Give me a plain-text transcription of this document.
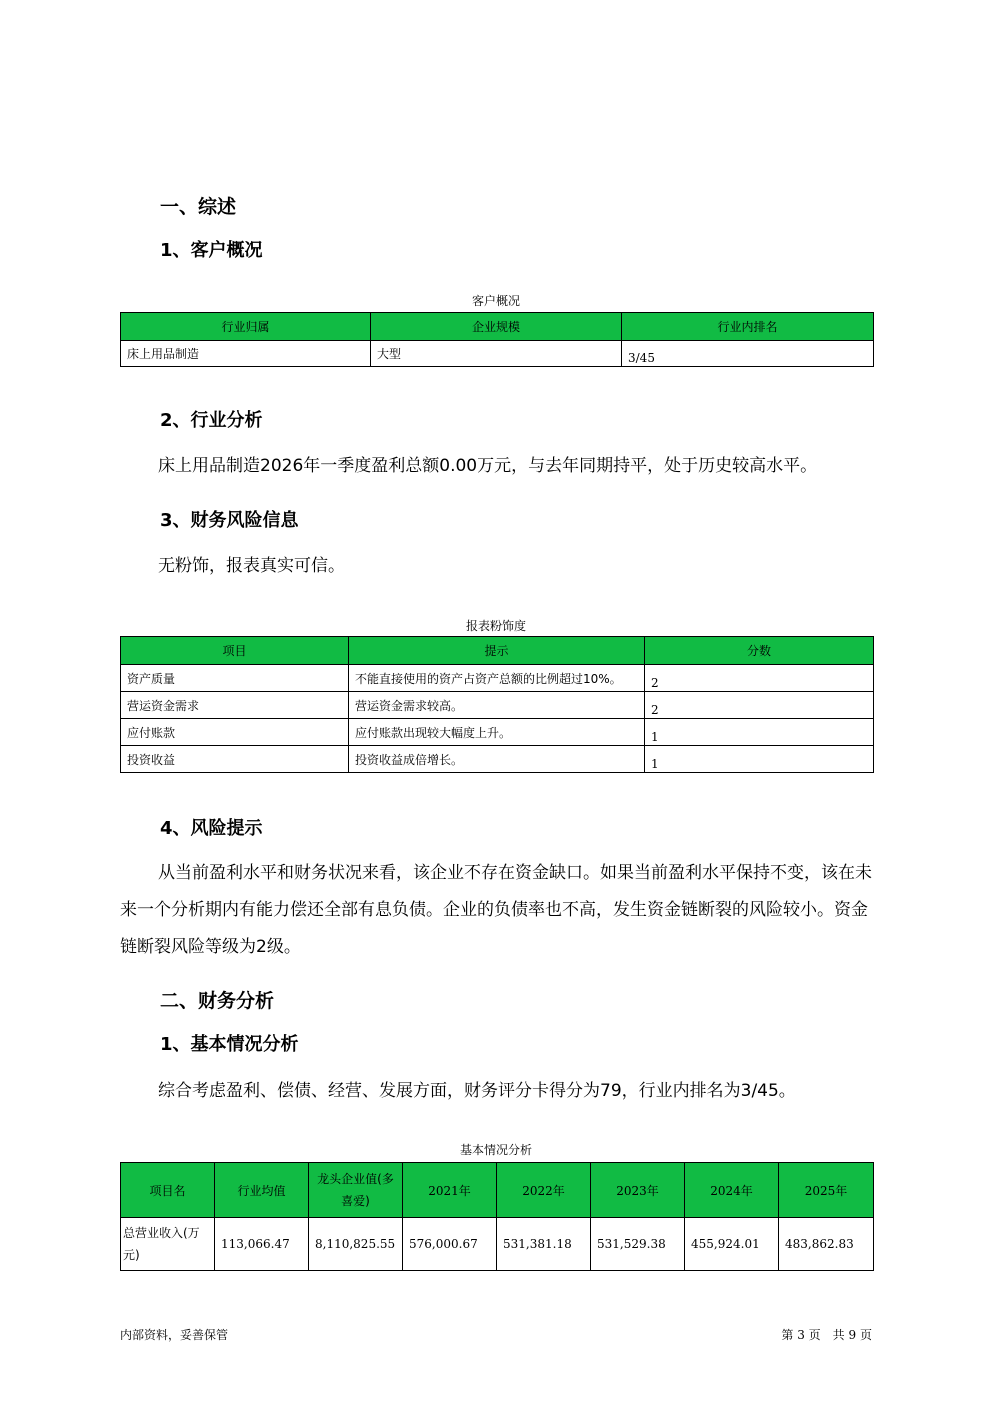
一、综述
1、客户概况
客户概况
行业归属	企业规模	行业内排名
床上用品制造	大型	3/45
2、行业分析
床上用品制造2026年一季度盈利总额0.00万元，与去年同期持平，处于历史较高水平。
3、财务风险信息
无粉饰，报表真实可信。
报表粉饰度
项目	提示	分数
资产质量	不能直接使用的资产占资产总额的比例超过10%。	2
营运资金需求	营运资金需求较高。	2
应付账款	应付账款出现较大幅度上升。	1
投资收益	投资收益成倍增长。	1
4、风险提示
从当前盈利水平和财务状况来看，该企业不存在资金缺口。如果当前盈利水平保持不变，该在未来一个分析期内有能力偿还全部有息负债。企业的负债率也不高，发生资金链断裂的风险较小。资金链断裂风险等级为2级。
二、财务分析
1、基本情况分析
综合考虑盈利、偿债、经营、发展方面，财务评分卡得分为79，行业内排名为3/45。
基本情况分析
项目名	行业均值	龙头企业值(多喜爱)	2021年	2022年	2023年	2024年	2025年
总营业收入(万元)	113,066.47	8,110,825.55	576,000.67	531,381.18	531,529.38	455,924.01	483,862.83
内部资料，妥善保管	第 3 页　共 9 页
